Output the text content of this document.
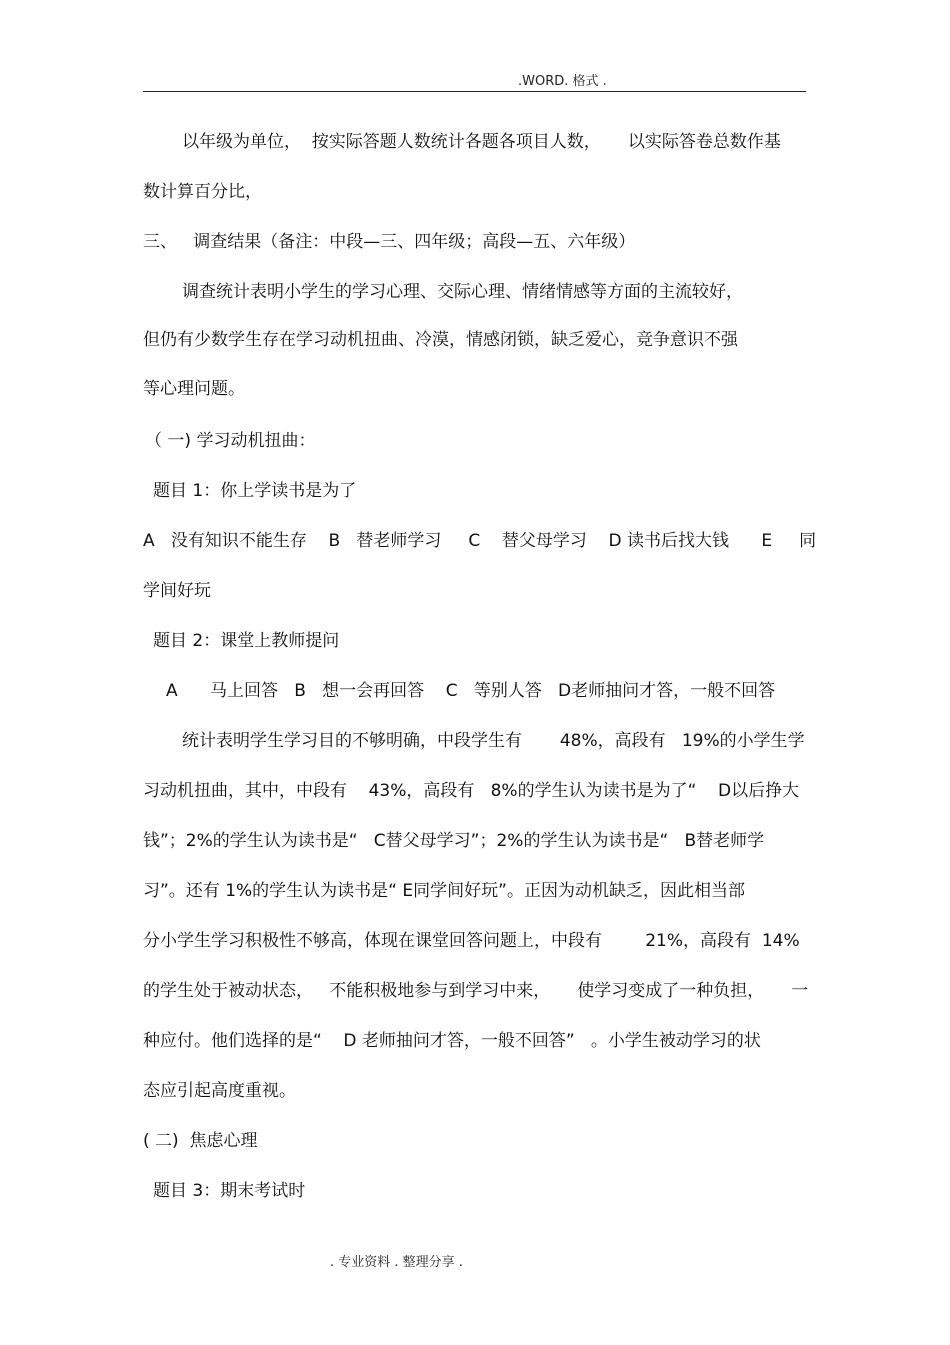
.WORD. 格式 .
以年级为单位，  按实际答题人数统计各题各项目人数，     以实际答卷总数作基
数计算百分比，
三、   调查结果（备注：中段—三、四年级；高段—五、六年级）
调查统计表明小学生的学习心理、交际心理、情绪情感等方面的主流较好，
但仍有少数学生存在学习动机扭曲、冷漠，情感闭锁，缺乏爱心，竞争意识不强
等心理问题。
（ 一) 学习动机扭曲：
题目 1：你上学读书是为了
A   没有知识不能生存    B   替老师学习     C    替父母学习    D 读书后找大钱      E     同
学间好玩
题目 2：课堂上教师提问
A      马上回答   B   想一会再回答    C   等别人答   D老师抽问才答，一般不回答
统计表明学生学习目的不够明确，中段学生有       48%，高段有   19%的小学生学
习动机扭曲，其中，中段有    43%，高段有   8%的学生认为读书是为了“    D以后挣大
钱”；2%的学生认为读书是“   C替父母学习”；2%的学生认为读书是“   B替老师学
习”。还有 1%的学生认为读书是“ E同学间好玩”。正因为动机缺乏，因此相当部
分小学生学习积极性不够高，体现在课堂回答问题上，中段有        21%，高段有  14%
的学生处于被动状态，   不能积极地参与到学习中来，     使学习变成了一种负担，     一
种应付。他们选择的是“    D 老师抽问才答，一般不回答”   。小学生被动学习的状
态应引起高度重视。
( 二)  焦虑心理
题目 3：期末考试时
. 专业资料 . 整理分享 .
